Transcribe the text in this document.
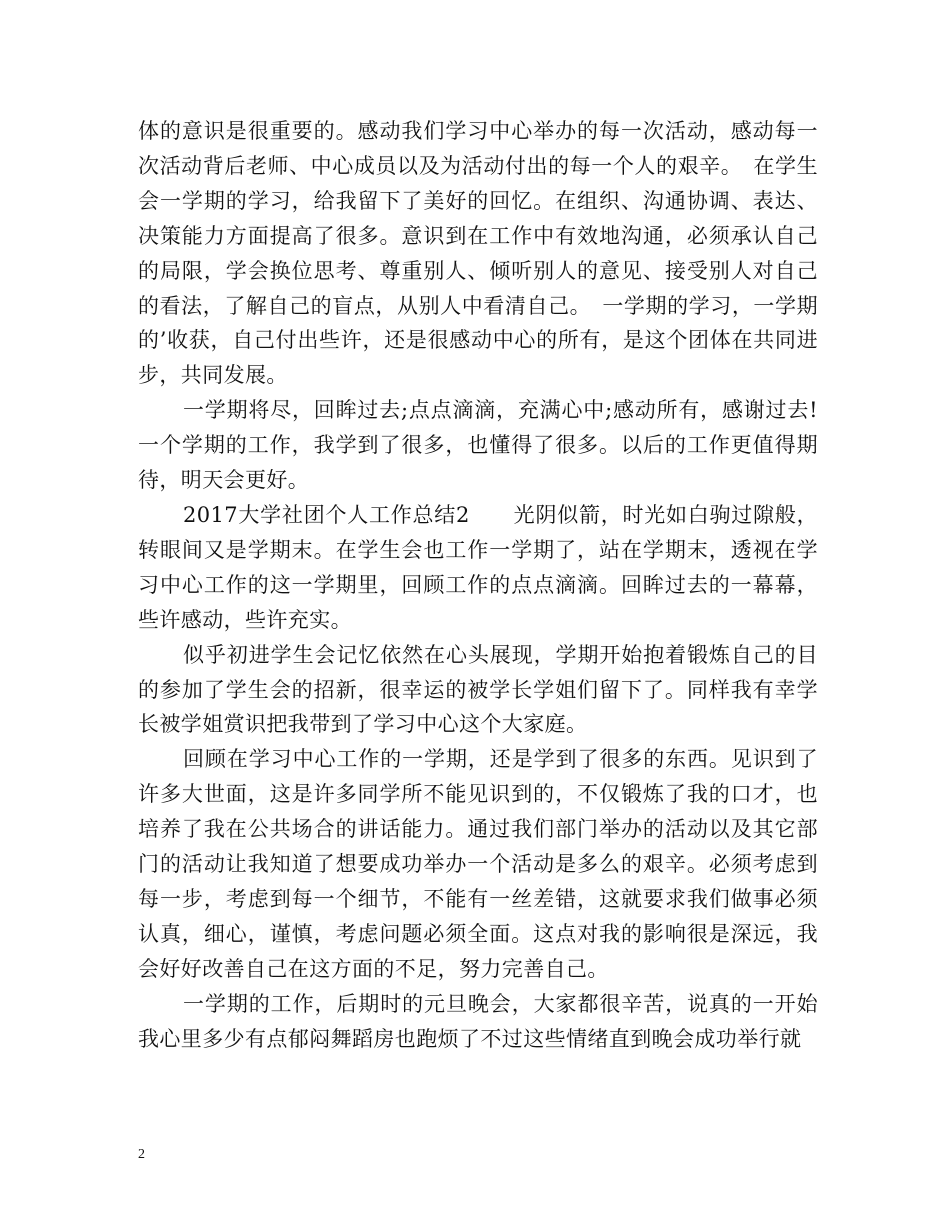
体的意识是很重要的。感动我们学习中心举办的每一次活动，感动每一次活动背后老师、中心成员以及为活动付出的每一个人的艰辛。　在学生会一学期的学习，给我留下了美好的回忆。在组织、沟通协调、表达、决策能力方面提高了很多。意识到在工作中有效地沟通，必须承认自己的局限，学会换位思考、尊重别人、倾听别人的意见、接受别人对自己的看法，了解自己的盲点，从别人中看清自己。　一学期的学习，一学期的’收获，自己付出些许，还是很感动中心的所有，是这个团体在共同进步，共同发展。

一学期将尽，回眸过去;点点滴滴，充满心中;感动所有，感谢过去!一个学期的工作，我学到了很多，也懂得了很多。以后的工作更值得期待，明天会更好。

2017大学社团个人工作总结2　　光阴似箭，时光如白驹过隙般，转眼间又是学期末。在学生会也工作一学期了，站在学期末，透视在学习中心工作的这一学期里，回顾工作的点点滴滴。回眸过去的一幕幕，些许感动，些许充实。

似乎初进学生会记忆依然在心头展现，学期开始抱着锻炼自己的目的参加了学生会的招新，很幸运的被学长学姐们留下了。同样我有幸学长被学姐赏识把我带到了学习中心这个大家庭。

回顾在学习中心工作的一学期，还是学到了很多的东西。见识到了许多大世面，这是许多同学所不能见识到的，不仅锻炼了我的口才，也培养了我在公共场合的讲话能力。通过我们部门举办的活动以及其它部门的活动让我知道了想要成功举办一个活动是多么的艰辛。必须考虑到每一步，考虑到每一个细节，不能有一丝差错，这就要求我们做事必须认真，细心，谨慎，考虑问题必须全面。这点对我的影响很是深远，我会好好改善自己在这方面的不足，努力完善自己。

一学期的工作，后期时的元旦晚会，大家都很辛苦，说真的一开始我心里多少有点郁闷舞蹈房也跑烦了不过这些情绪直到晚会成功举行就

2
